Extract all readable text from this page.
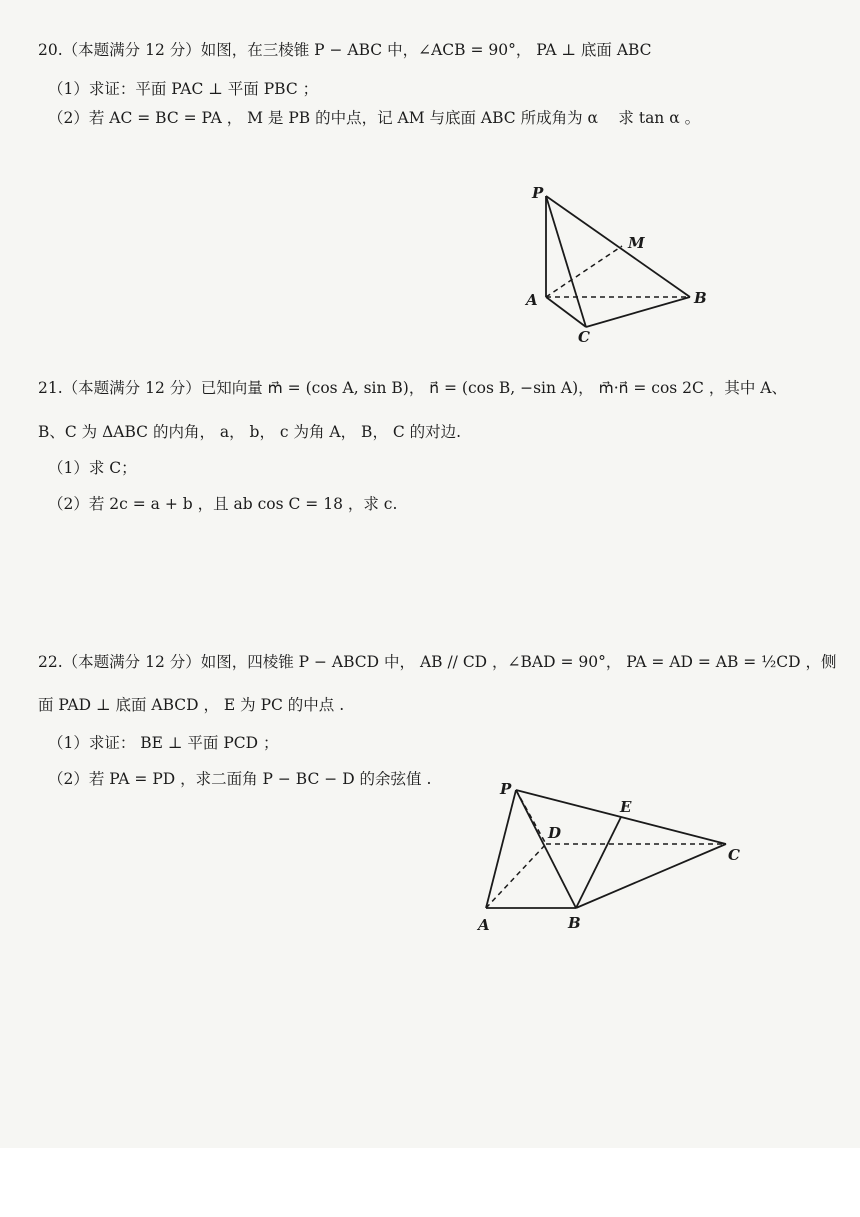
20.（本题满分 12 分）如图，在三棱锥 P − ABC 中，∠ACB = 90°， PA ⊥ 底面 ABC
（1）求证：平面 PAC ⊥ 平面 PBC ；
（2）若 AC = BC = PA ， M 是 PB 的中点，记 AM 与底面 ABC 所成角为 α　 求 tan α 。
P
M
A	B
C
21.（本题满分 12 分）已知向量 m⃗ = (cos A, sin B)， n⃗ = (cos B, −sin A)， m⃗·n⃗ = cos 2C ，其中 A、
B、C 为 ΔABC 的内角， a， b， c 为角 A， B， C 的对边.
（1）求 C；
（2）若 2c = a + b ，且 ab cos C = 18 ，求 c.
22.（本题满分 12 分）如图，四棱锥 P − ABCD 中， AB // CD ，∠BAD = 90°， PA = AD = AB = ½CD ，侧
面 PAD ⊥ 底面 ABCD ， E 为 PC 的中点 .
（1）求证： BE ⊥ 平面 PCD ；
（2）若 PA = PD ，求二面角 P − BC − D 的余弦值 .
P
E
D
C
A	B
